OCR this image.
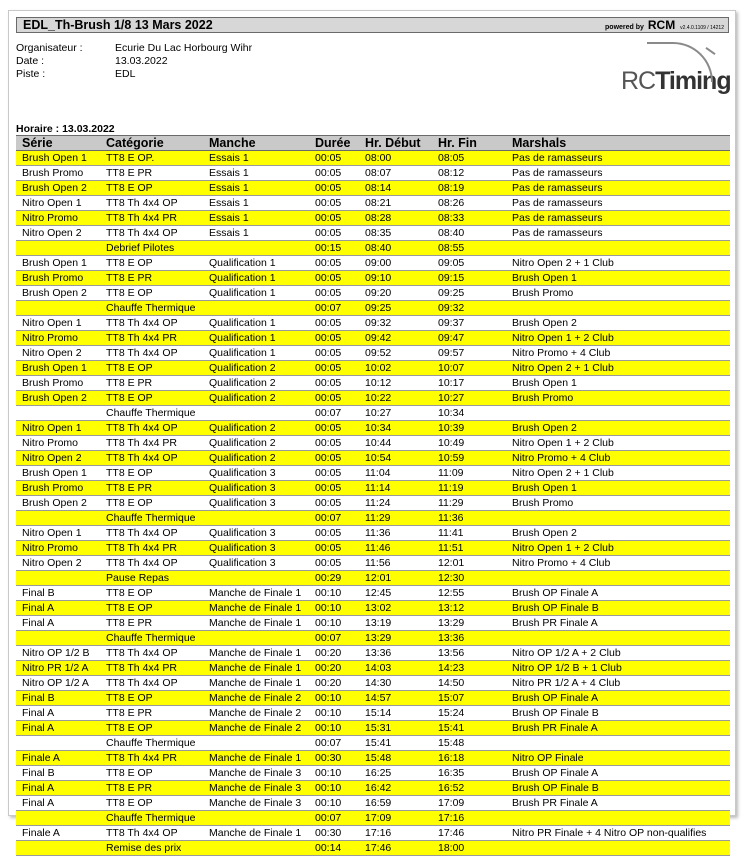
EDL_Th-Brush 1/8 13 Mars 2022	powered by RCM v2.4.0.1109 / 14212
Organisateur :	Ecurie Du Lac Horbourg Wihr
Date :	13.03.2022
Piste :	EDL	RCTiming
Horaire : 13.03.2022
Série	Catégorie	Manche	Durée	Hr. Début	Hr. Fin	Marshals
Brush Open 1	TT8 E OP.	Essais 1	00:05	08:00	08:05	Pas de ramasseurs
Brush Promo	TT8 E PR	Essais 1	00:05	08:07	08:12	Pas de ramasseurs
Brush Open 2	TT8 E OP	Essais 1	00:05	08:14	08:19	Pas de ramasseurs
Nitro Open 1	TT8 Th 4x4 OP	Essais 1	00:05	08:21	08:26	Pas de ramasseurs
Nitro Promo	TT8 Th 4x4 PR	Essais 1	00:05	08:28	08:33	Pas de ramasseurs
Nitro Open 2	TT8 Th 4x4 OP	Essais 1	00:05	08:35	08:40	Pas de ramasseurs
	Debrief Pilotes		00:15	08:40	08:55	
Brush Open 1	TT8 E OP	Qualification 1	00:05	09:00	09:05	Nitro Open 2 + 1 Club
Brush Promo	TT8 E PR	Qualification 1	00:05	09:10	09:15	Brush Open 1
Brush Open 2	TT8 E OP	Qualification 1	00:05	09:20	09:25	Brush Promo
	Chauffe Thermique		00:07	09:25	09:32	
Nitro Open 1	TT8 Th 4x4 OP	Qualification 1	00:05	09:32	09:37	Brush Open 2
Nitro Promo	TT8 Th 4x4 PR	Qualification 1	00:05	09:42	09:47	Nitro Open 1 + 2 Club
Nitro Open 2	TT8 Th 4x4 OP	Qualification 1	00:05	09:52	09:57	Nitro Promo + 4 Club
Brush Open 1	TT8 E OP	Qualification 2	00:05	10:02	10:07	Nitro Open 2 + 1 Club
Brush Promo	TT8 E PR	Qualification 2	00:05	10:12	10:17	Brush Open 1
Brush Open 2	TT8 E OP	Qualification 2	00:05	10:22	10:27	Brush Promo
	Chauffe Thermique		00:07	10:27	10:34	
Nitro Open 1	TT8 Th 4x4 OP	Qualification 2	00:05	10:34	10:39	Brush Open 2
Nitro Promo	TT8 Th 4x4 PR	Qualification 2	00:05	10:44	10:49	Nitro Open 1 + 2 Club
Nitro Open 2	TT8 Th 4x4 OP	Qualification 2	00:05	10:54	10:59	Nitro Promo + 4 Club
Brush Open 1	TT8 E OP	Qualification 3	00:05	11:04	11:09	Nitro Open 2 + 1 Club
Brush Promo	TT8 E PR	Qualification 3	00:05	11:14	11:19	Brush Open 1
Brush Open 2	TT8 E OP	Qualification 3	00:05	11:24	11:29	Brush Promo
	Chauffe Thermique		00:07	11:29	11:36	
Nitro Open 1	TT8 Th 4x4 OP	Qualification 3	00:05	11:36	11:41	Brush Open 2
Nitro Promo	TT8 Th 4x4 PR	Qualification 3	00:05	11:46	11:51	Nitro Open 1 + 2 Club
Nitro Open 2	TT8 Th 4x4 OP	Qualification 3	00:05	11:56	12:01	Nitro Promo + 4 Club
	Pause Repas		00:29	12:01	12:30	
Final B	TT8 E OP	Manche de Finale 1	00:10	12:45	12:55	Brush OP Finale A
Final A	TT8 E OP	Manche de Finale 1	00:10	13:02	13:12	Brush OP Finale B
Final A	TT8 E PR	Manche de Finale 1	00:10	13:19	13:29	Brush PR Finale A
	Chauffe Thermique		00:07	13:29	13:36	
Nitro OP 1/2 B	TT8 Th 4x4 OP	Manche de Finale 1	00:20	13:36	13:56	Nitro OP 1/2 A + 2 Club
Nitro PR 1/2 A	TT8 Th 4x4 PR	Manche de Finale 1	00:20	14:03	14:23	Nitro OP 1/2 B + 1 Club
Nitro OP 1/2 A	TT8 Th 4x4 OP	Manche de Finale 1	00:20	14:30	14:50	Nitro PR 1/2 A + 4 Club
Final B	TT8 E OP	Manche de Finale 2	00:10	14:57	15:07	Brush OP Finale A
Final A	TT8 E PR	Manche de Finale 2	00:10	15:14	15:24	Brush OP Finale B
Final A	TT8 E OP	Manche de Finale 2	00:10	15:31	15:41	Brush PR Finale A
	Chauffe Thermique		00:07	15:41	15:48	
Finale A	TT8 Th 4x4 PR	Manche de Finale 1	00:30	15:48	16:18	Nitro OP Finale
Final B	TT8 E OP	Manche de Finale 3	00:10	16:25	16:35	Brush OP Finale A
Final A	TT8 E PR	Manche de Finale 3	00:10	16:42	16:52	Brush OP Finale B
Final A	TT8 E OP	Manche de Finale 3	00:10	16:59	17:09	Brush PR Finale A
	Chauffe Thermique		00:07	17:09	17:16	
Finale A	TT8 Th 4x4 OP	Manche de Finale 1	00:30	17:16	17:46	Nitro PR Finale + 4 Nitro OP non-qualifies
	Remise des prix		00:14	17:46	18:00	
